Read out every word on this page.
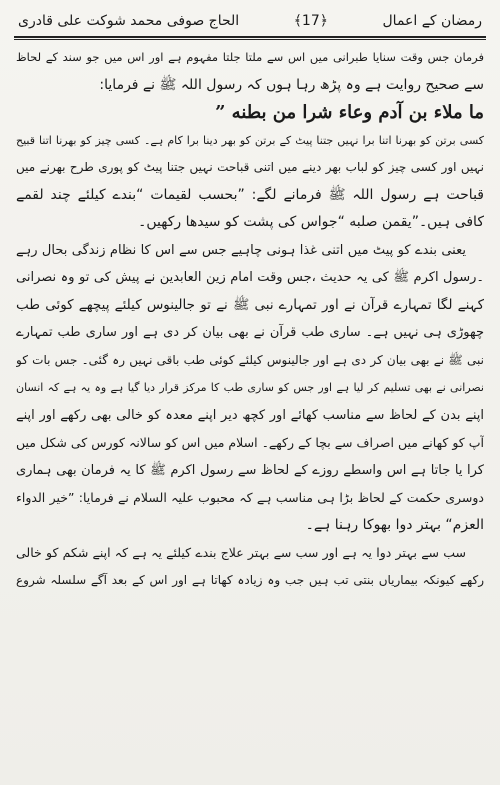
رمضان کے اعمال
﴿17﴾
الحاج صوفی محمد شوکت علی قادری
فرمان جس وقت سنایا طبرانی میں اس سے ملتا جلتا مفہوم ہے اور اس میں جو سند کے لحاظ
سے صحیح روایت ہے وہ پڑھ رہا ہوں کہ رسول اللہ ﷺ نے فرمایا:
ما ملاء بن آدم وعاء شرا من بطنه ”
کسی برتن کو بھرنا اتنا برا نہیں جتنا پیٹ کے برتن کو بھر دینا برا کام ہے۔ کسی چیز کو بھرنا اتنا قبیح
نہیں اور کسی چیز کو لباب بھر دینے میں اتنی قباحت نہیں جتنا پیٹ کو پوری طرح بھرنے میں
قباحت ہے رسول اللہ ﷺ فرمانے لگے: ”بحسب لقیمات “بندے کیلئے چند لقمے
کافی ہیں۔”یقمن صلبه “جواس کی پشت کو سیدھا رکھیں۔
یعنی بندے کو پیٹ میں اتنی غذا ہونی چاہیے جس سے اس کا نظام زندگی بحال رہے
۔رسول اکرم ﷺ کی یہ حدیث ،جس وقت امام زین العابدین نے پیش کی تو وہ نصرانی
کہنے لگا تمہارے قرآن نے اور تمہارے نبی ﷺ نے تو جالینوس کیلئے پیچھے کوئی طب
چھوڑی ہی نہیں ہے۔ ساری طب قرآن نے بھی بیان کر دی ہے اور ساری طب تمہارے
نبی ﷺ نے بھی بیان کر دی ہے اور جالینوس کیلئے کوئی طب باقی نہیں رہ گئی۔ جس بات کو
نصرانی نے بھی تسلیم کر لیا ہے اور جس کو ساری طب کا مرکز قرار دیا گیا ہے وہ یہ ہے کہ انسان
اپنے بدن کے لحاظ سے مناسب کھائے اور کچھ دیر اپنے معدہ کو خالی بھی رکھے اور اپنے
آپ کو کھانے میں اصراف سے بچا کے رکھے۔ اسلام میں اس کو سالانہ کورس کی شکل میں
کرا یا جاتا ہے اس واسطے روزے کے لحاظ سے رسول اکرم ﷺ کا یہ فرمان بھی ہماری
دوسری حکمت کے لحاظ بڑا ہی مناسب ہے کہ محبوب علیہ السلام نے فرمایا: ”خیر الدواء
العزم“ بہتر دوا بھوکا رہنا ہے۔
سب سے بہتر دوا یہ ہے اور سب سے بہتر علاج بندے کیلئے یہ ہے کہ اپنے شکم کو خالی
رکھے کیونکہ بیماریاں بنتی تب ہیں جب وہ زیادہ کھاتا ہے اور اس کے بعد آگے سلسلہ شروع
